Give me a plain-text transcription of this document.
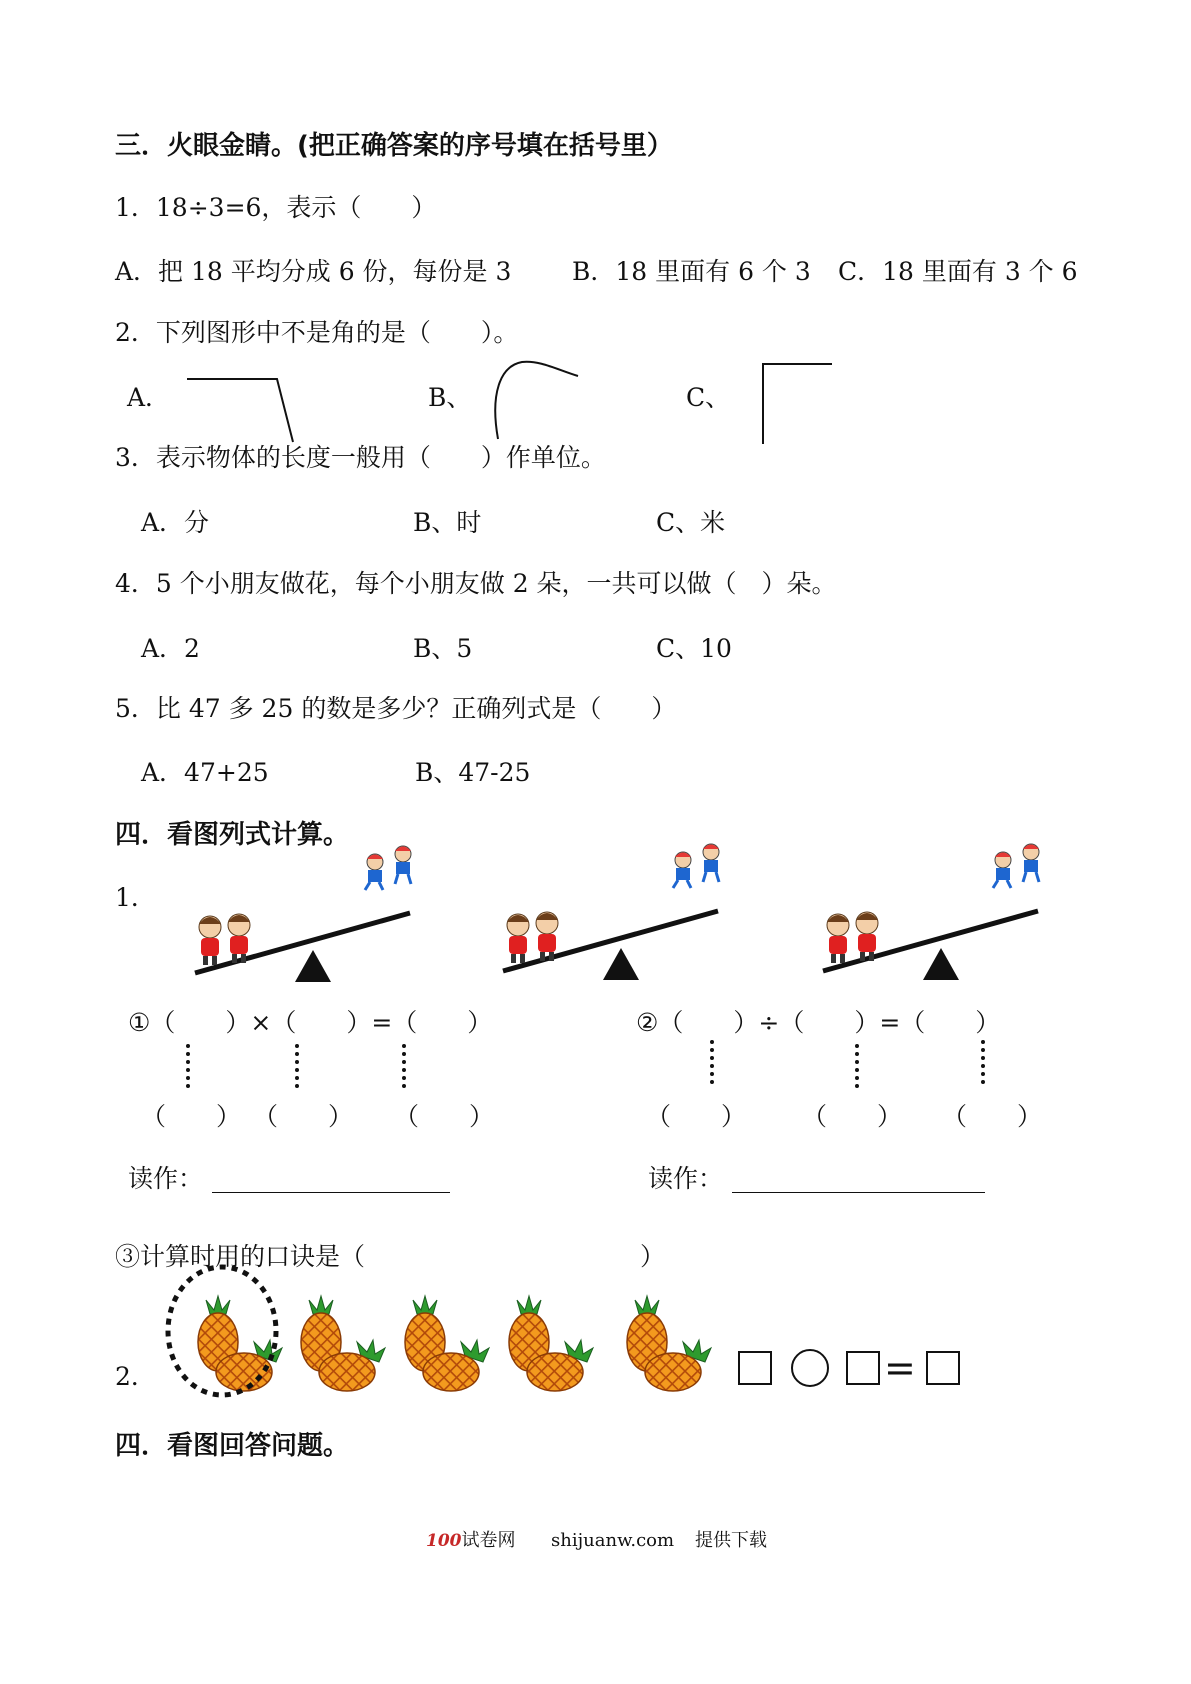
三．火眼金睛。(把正确答案的序号填在括号里）
1．18÷3=6，表示（　　）
A．把 18 平均分成 6 份，每份是 3 B．18 里面有 6 个 3 C．18 里面有 3 个 6
2．下列图形中不是角的是（　　）。
A．	B、	C、
3．表示物体的长度一般用（　　）作单位。
A．分	B、时	C、米
4．5 个小朋友做花，每个小朋友做 2 朵，一共可以做（　）朵。
A．2	B、5	C、10
5．比 47 多 25 的数是多少？正确列式是（　　）
A．47+25	B、47-25
四．看图列式计算。
1．
①（　　）×（　　）=（　　）	②（　　）÷（　　）=（　　）
（　　） （　　） （　　）	（　　） （　　） （　　）
读作：	读作：
③计算时用的口诀是（　　　　　　　　　　　）
2．	=
四．看图回答问题。
100试卷网 shijuanw.com 提供下载
